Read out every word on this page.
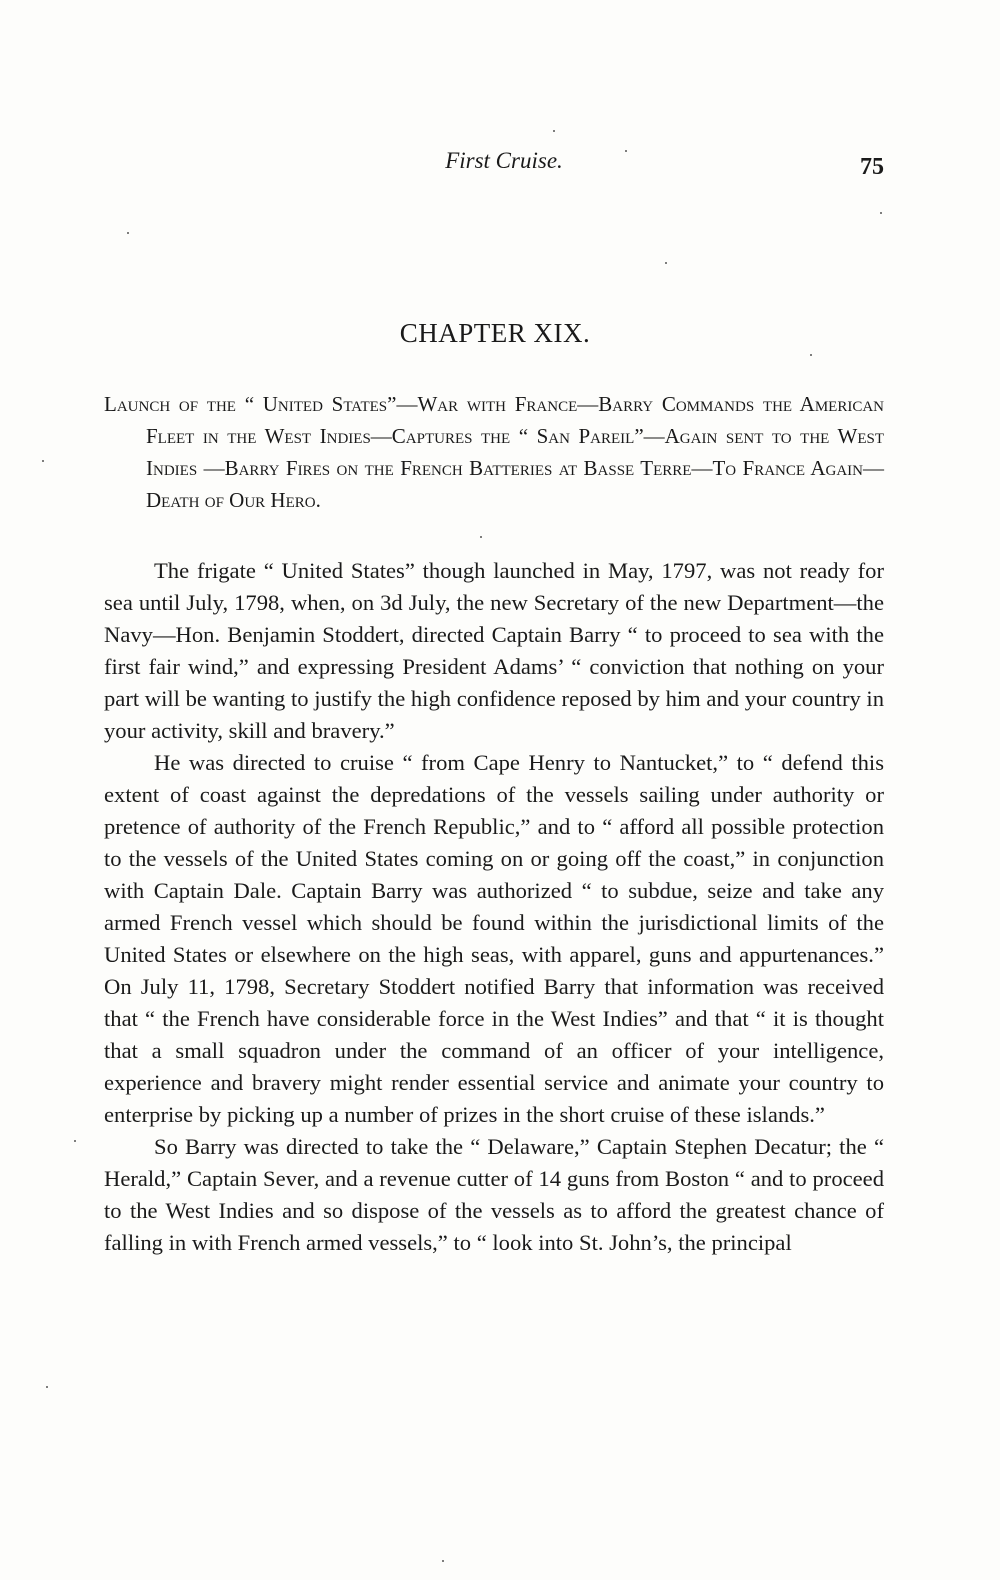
First Cruise.	75
CHAPTER XIX.
Launch of the “ United States”—War with France—Barry Commands the American Fleet in the West Indies—Captures the “ San Pareil”—Again sent to the West Indies —Barry Fires on the French Batteries at Basse Terre—To France Again—Death of Our Hero.

The frigate “ United States” though launched in May, 1797, was not ready for sea until July, 1798, when, on 3d July, the new Secretary of the new Department—the Navy—Hon. Benjamin Stoddert, directed Captain Barry “ to proceed to sea with the first fair wind,” and expressing President Adams’ “ conviction that nothing on your part will be wanting to justify the high confidence reposed by him and your country in your activity, skill and bravery.”

He was directed to cruise “ from Cape Henry to Nantucket,” to “ defend this extent of coast against the depredations of the vessels sailing under authority or pretence of authority of the French Republic,” and to “ afford all possible protection to the vessels of the United States coming on or going off the coast,” in conjunction with Captain Dale. Captain Barry was authorized “ to subdue, seize and take any armed French vessel which should be found within the jurisdictional limits of the United States or elsewhere on the high seas, with apparel, guns and appurtenances.” On July 11, 1798, Secretary Stoddert notified Barry that information was received that “ the French have considerable force in the West Indies” and that “ it is thought that a small squadron under the command of an officer of your intelligence, experience and bravery might render essential service and animate your country to enterprise by picking up a number of prizes in the short cruise of these islands.”

So Barry was directed to take the “ Delaware,” Captain Stephen Decatur; the “ Herald,” Captain Sever, and a revenue cutter of 14 guns from Boston “ and to proceed to the West Indies and so dispose of the vessels as to afford the greatest chance of falling in with French armed vessels,” to “ look into St. John’s, the principal
